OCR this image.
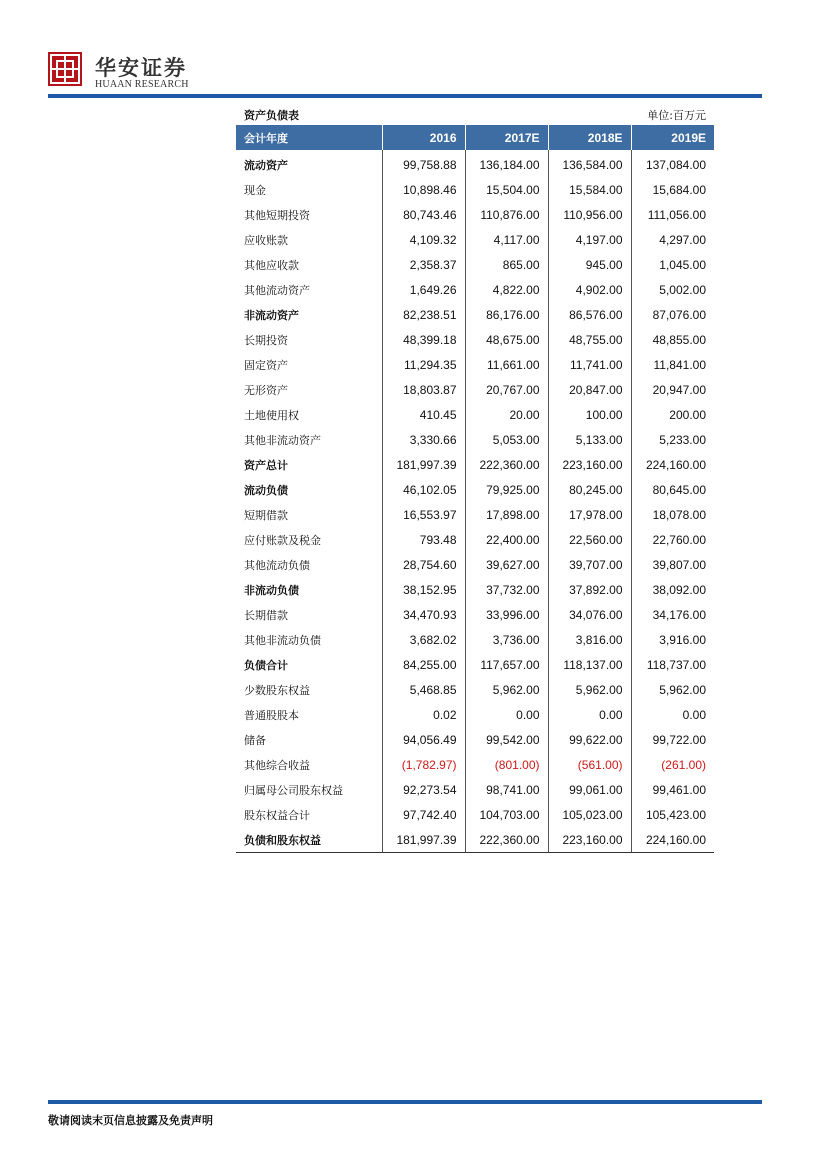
华安证券
HUAAN RESEARCH
资产负债表	单位:百万元
会计年度	2016	2017E	2018E	2019E
流动资产	99,758.88	136,184.00	136,584.00	137,084.00
现金	10,898.46	15,504.00	15,584.00	15,684.00
其他短期投资	80,743.46	110,876.00	110,956.00	111,056.00
应收账款	4,109.32	4,117.00	4,197.00	4,297.00
其他应收款	2,358.37	865.00	945.00	1,045.00
其他流动资产	1,649.26	4,822.00	4,902.00	5,002.00
非流动资产	82,238.51	86,176.00	86,576.00	87,076.00
长期投资	48,399.18	48,675.00	48,755.00	48,855.00
固定资产	11,294.35	11,661.00	11,741.00	11,841.00
无形资产	18,803.87	20,767.00	20,847.00	20,947.00
土地使用权	410.45	20.00	100.00	200.00
其他非流动资产	3,330.66	5,053.00	5,133.00	5,233.00
资产总计	181,997.39	222,360.00	223,160.00	224,160.00
流动负债	46,102.05	79,925.00	80,245.00	80,645.00
短期借款	16,553.97	17,898.00	17,978.00	18,078.00
应付账款及税金	793.48	22,400.00	22,560.00	22,760.00
其他流动负债	28,754.60	39,627.00	39,707.00	39,807.00
非流动负债	38,152.95	37,732.00	37,892.00	38,092.00
长期借款	34,470.93	33,996.00	34,076.00	34,176.00
其他非流动负债	3,682.02	3,736.00	3,816.00	3,916.00
负债合计	84,255.00	117,657.00	118,137.00	118,737.00
少数股东权益	5,468.85	5,962.00	5,962.00	5,962.00
普通股股本	0.02	0.00	0.00	0.00
储备	94,056.49	99,542.00	99,622.00	99,722.00
其他综合收益	(1,782.97)	(801.00)	(561.00)	(261.00)
归属母公司股东权益	92,273.54	98,741.00	99,061.00	99,461.00
股东权益合计	97,742.40	104,703.00	105,023.00	105,423.00
负债和股东权益	181,997.39	222,360.00	223,160.00	224,160.00
敬请阅读末页信息披露及免责声明
